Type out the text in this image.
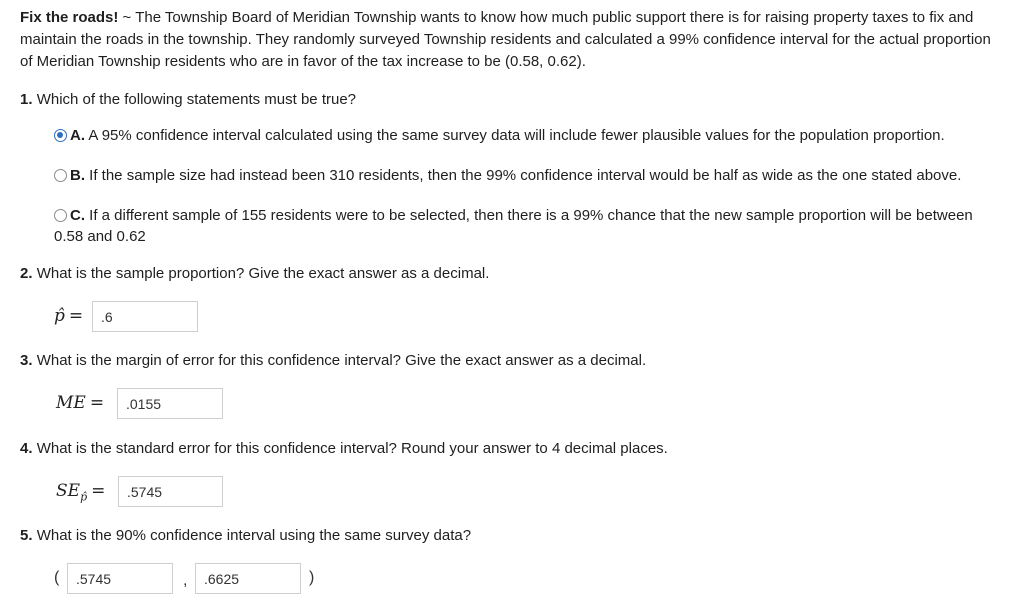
Fix the roads! ~ The Township Board of Meridian Township wants to know how much public support there is for raising property taxes to fix and maintain the roads in the township. They randomly surveyed Township residents and calculated a 99% confidence interval for the actual proportion of Meridian Township residents who are in favor of the tax increase to be (0.58, 0.62).
1. Which of the following statements must be true?
A. A 95% confidence interval calculated using the same survey data will include fewer plausible values for the population proportion.
B. If the sample size had instead been 310 residents, then the 99% confidence interval would be half as wide as the one stated above.
C. If a different sample of 155 residents were to be selected, then there is a 99% chance that the new sample proportion will be between 0.58 and 0.62
2. What is the sample proportion? Give the exact answer as a decimal.
p̂ =	.6
3. What is the margin of error for this confidence interval? Give the exact answer as a decimal.
ME =	.0155
4. What is the standard error for this confidence interval? Round your answer to 4 decimal places.
$SE_{p̂}$ =	.5745
5. What is the 90% confidence interval using the same survey data?
(	.5745	,	.6625	)
